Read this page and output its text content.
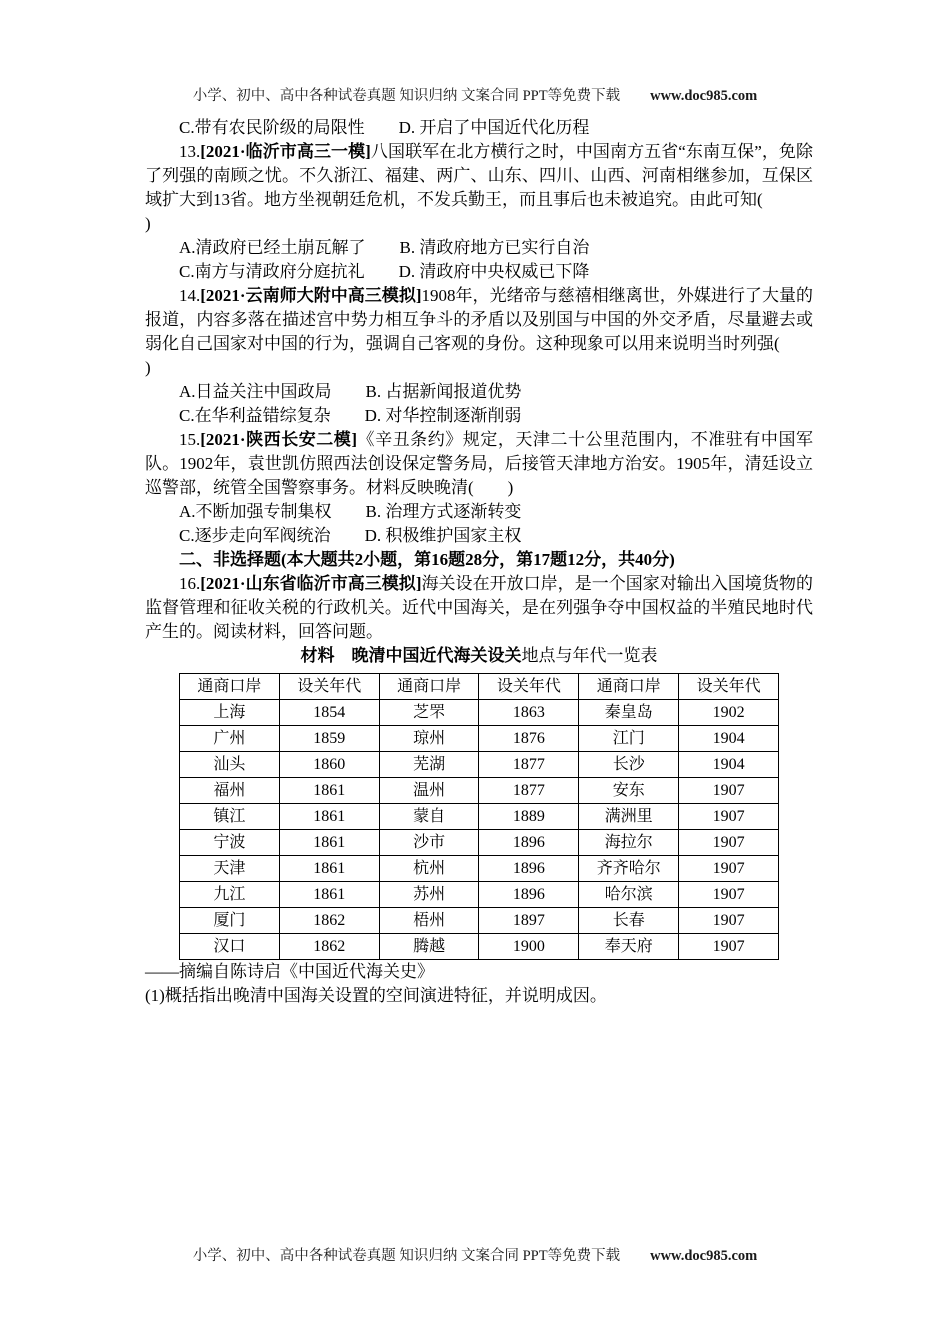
小学、初中、高中各种试卷真题 知识归纳 文案合同 PPT等免费下载 www.doc985.com

C.带有农民阶级的局限性　　D. 开启了中国近代化历程

13.[2021·临沂市高三一模]八国联军在北方横行之时，中国南方五省“东南互保”，免除了列强的南顾之忧。不久浙江、福建、两广、山东、四川、山西、河南相继参加，互保区域扩大到13省。地方坐视朝廷危机，不发兵勤王，而且事后也未被追究。由此可知(

)

A.清政府已经土崩瓦解了　　B. 清政府地方已实行自治

C.南方与清政府分庭抗礼　　D. 清政府中央权威已下降

14.[2021·云南师大附中高三模拟]1908年，光绪帝与慈禧相继离世，外媒进行了大量的报道，内容多落在描述宫中势力相互争斗的矛盾以及别国与中国的外交矛盾，尽量避去或弱化自己国家对中国的行为，强调自己客观的身份。这种现象可以用来说明当时列强(

)

A.日益关注中国政局　　B. 占据新闻报道优势

C.在华利益错综复杂　　D. 对华控制逐渐削弱

15.[2021·陕西长安二模]《辛丑条约》规定，天津二十公里范围内，不准驻有中国军队。1902年，袁世凯仿照西法创设保定警务局，后接管天津地方治安。1905年，清廷设立巡警部，统管全国警察事务。材料反映晚清(　　)

A.不断加强专制集权　　B. 治理方式逐渐转变

C.逐步走向军阀统治　　D. 积极维护国家主权

二、非选择题(本大题共2小题，第16题28分，第17题12分，共40分)

16.[2021·山东省临沂市高三模拟]海关设在开放口岸，是一个国家对输出入国境货物的监督管理和征收关税的行政机关。近代中国海关，是在列强争夺中国权益的半殖民地时代产生的。阅读材料，回答问题。

材料　晚清中国近代海关设关地点与年代一览表

通商口岸	设关年代	通商口岸	设关年代	通商口岸	设关年代
上海	1854	芝罘	1863	秦皇岛	1902
广州	1859	琼州	1876	江门	1904
汕头	1860	芜湖	1877	长沙	1904
福州	1861	温州	1877	安东	1907
镇江	1861	蒙自	1889	满洲里	1907
宁波	1861	沙市	1896	海拉尔	1907
天津	1861	杭州	1896	齐齐哈尔	1907
九江	1861	苏州	1896	哈尔滨	1907
厦门	1862	梧州	1897	长春	1907
汉口	1862	腾越	1900	奉天府	1907

——摘编自陈诗启《中国近代海关史》

(1)概括指出晚清中国海关设置的空间演进特征，并说明成因。

小学、初中、高中各种试卷真题 知识归纳 文案合同 PPT等免费下载 www.doc985.com
